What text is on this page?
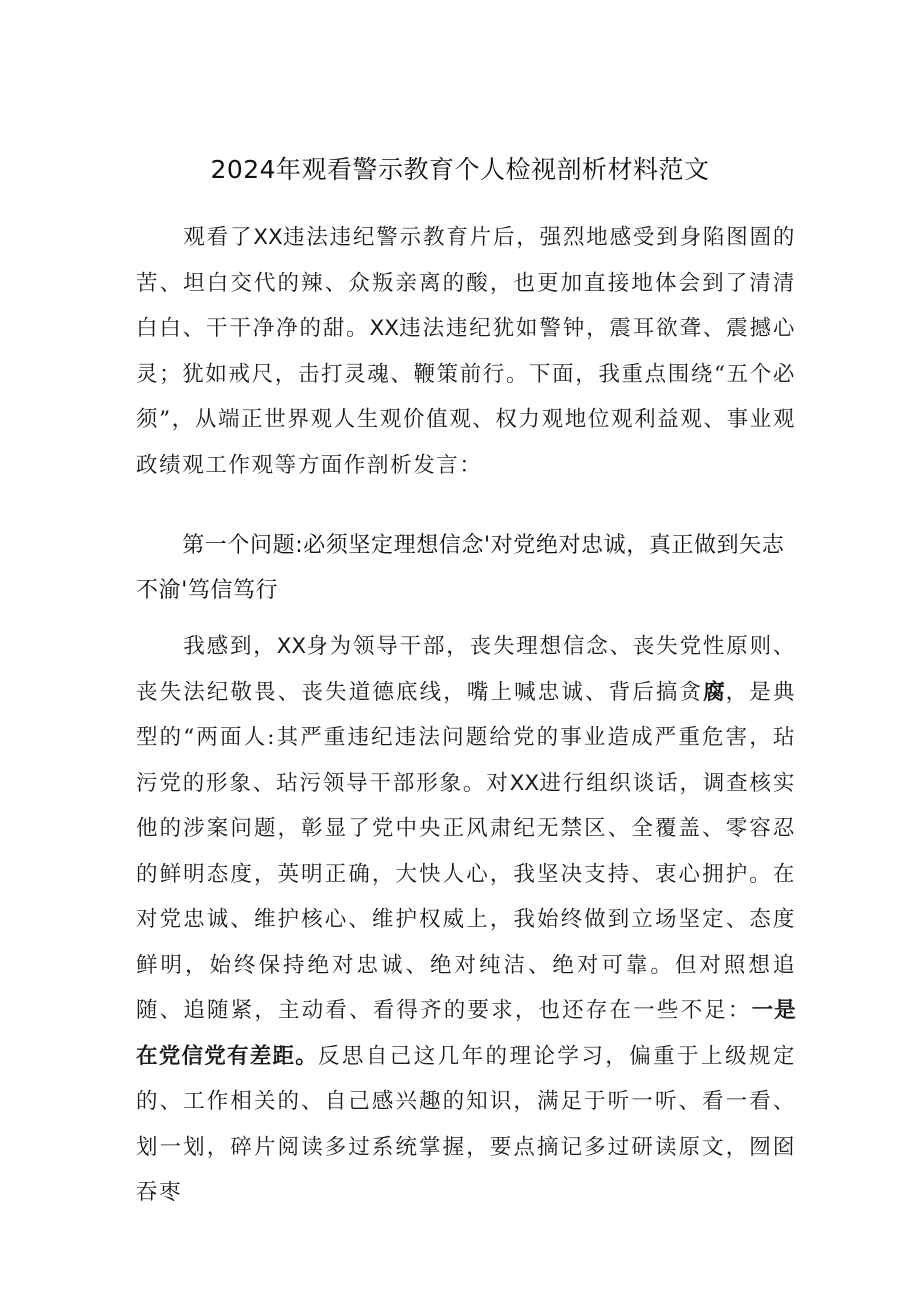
2024年观看警示教育个人检视剖析材料范文

观看了XX违法违纪警示教育片后，强烈地感受到身陷图圄的苦、坦白交代的辣、众叛亲离的酸，也更加直接地体会到了清清白白、干干净净的甜。XX违法违纪犹如警钟，震耳欲聋、震撼心灵；犹如戒尺，击打灵魂、鞭策前行。下面，我重点围绕“五个必须”，从端正世界观人生观价值观、权力观地位观利益观、事业观政绩观工作观等方面作剖析发言：

第一个问题:必须坚定理想信念'对党绝对忠诚，真正做到矢志不渝'笃信笃行

我感到，XX身为领导干部，丧失理想信念、丧失党性原则、丧失法纪敬畏、丧失道德底线，嘴上喊忠诚、背后搞贪腐，是典型的“两面人:其严重违纪违法问题给党的事业造成严重危害，玷污党的形象、玷污领导干部形象。对XX进行组织谈话，调查核实他的涉案问题，彰显了党中央正风肃纪无禁区、全覆盖、零容忍的鲜明态度，英明正确，大快人心，我坚决支持、衷心拥护。在对党忠诚、维护核心、维护权威上，我始终做到立场坚定、态度鲜明，始终保持绝对忠诚、绝对纯洁、绝对可靠。但对照想追随、追随紧，主动看、看得齐的要求，也还存在一些不足：一是在党信党有差距。反思自己这几年的理论学习，偏重于上级规定的、工作相关的、自己感兴趣的知识，满足于听一听、看一看、划一划，碎片阅读多过系统掌握，要点摘记多过研读原文，囫囵吞枣
